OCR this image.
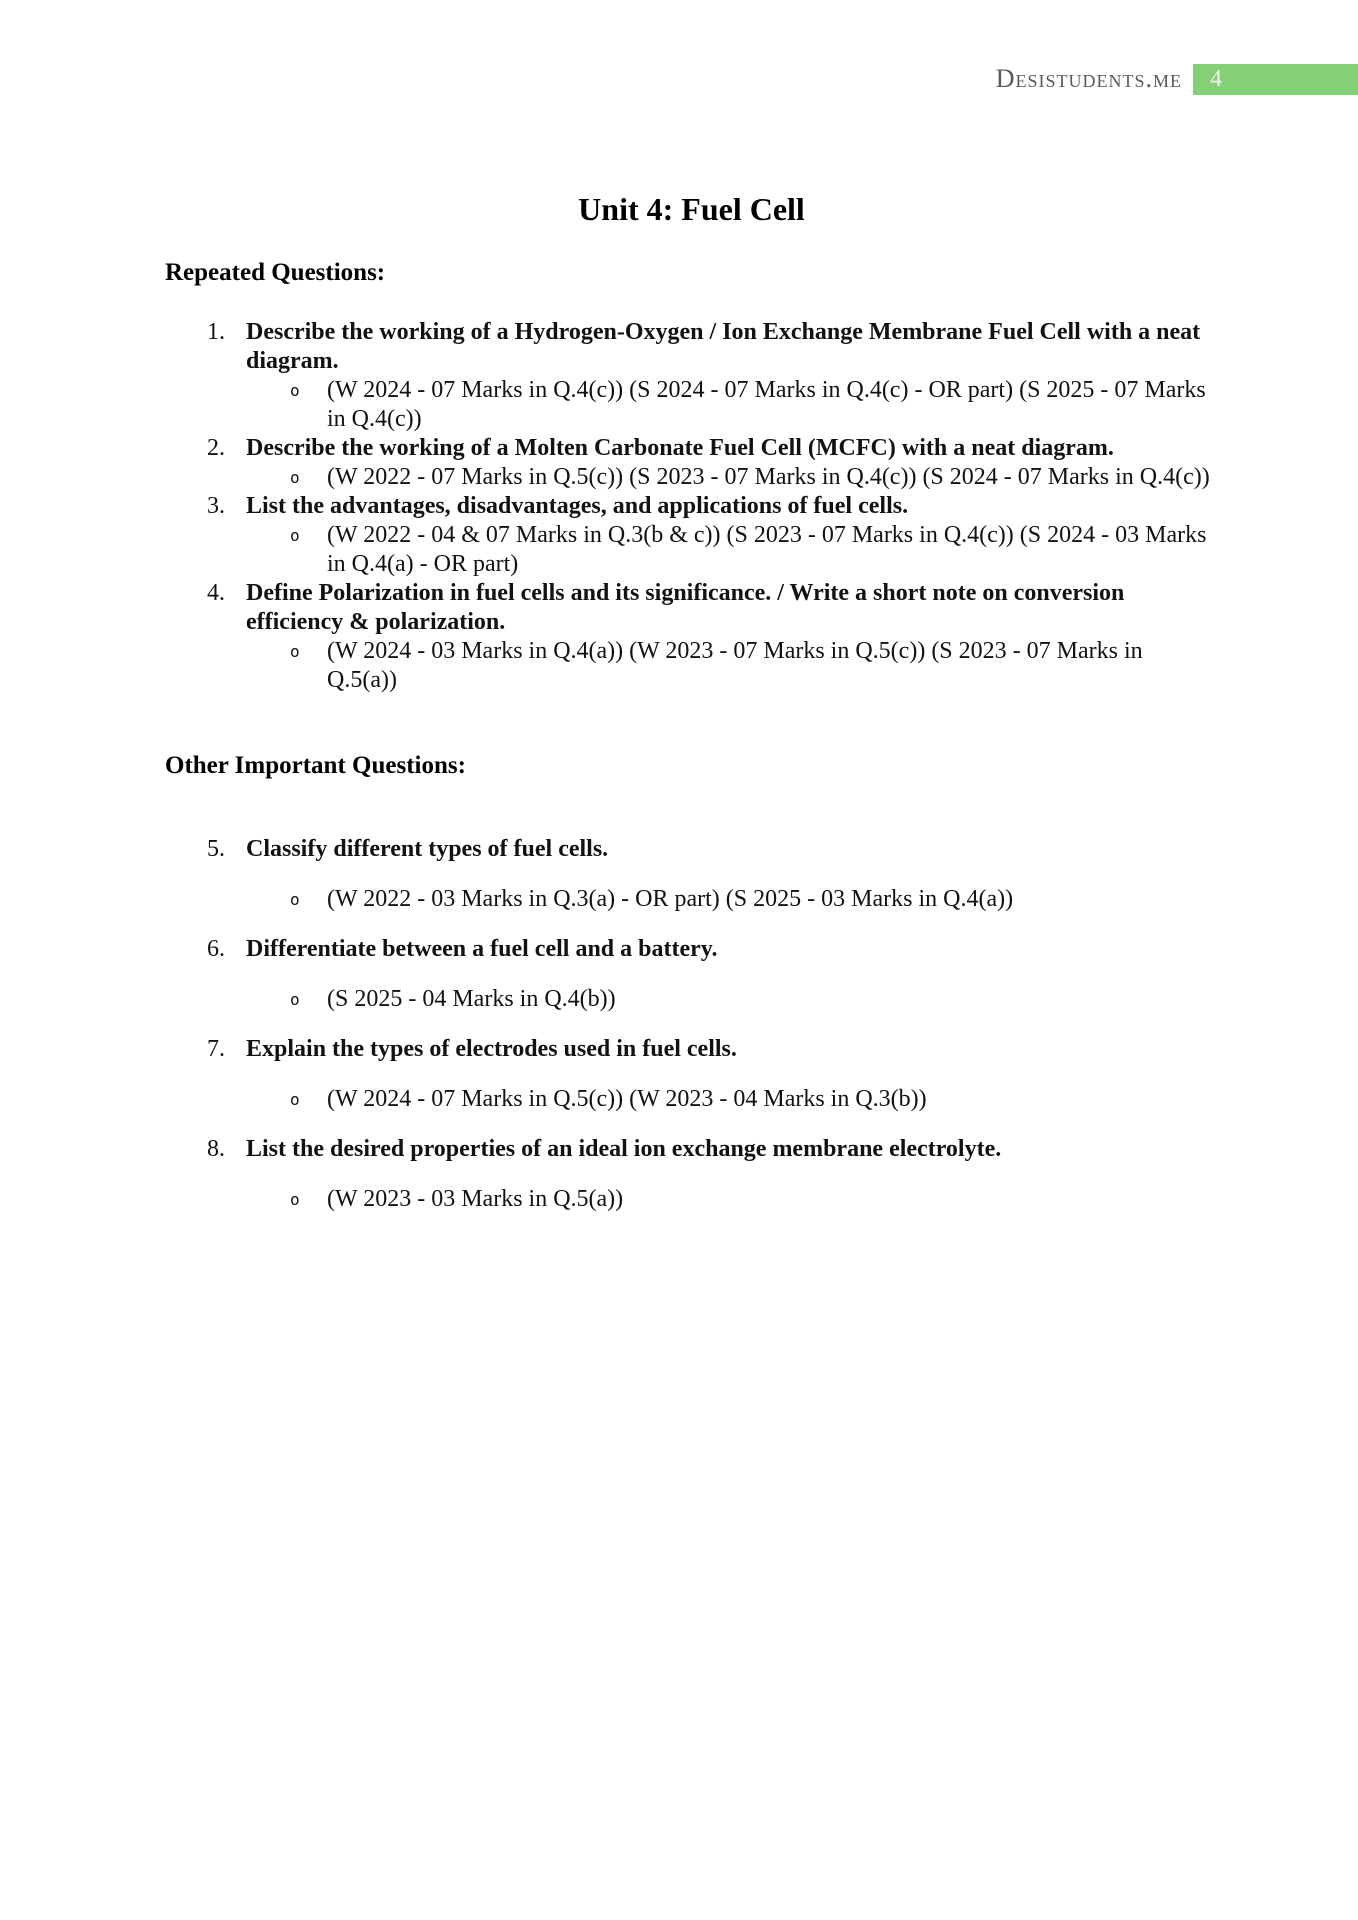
Desistudents.me 4
Unit 4: Fuel Cell
Repeated Questions:
1. Describe the working of a Hydrogen-Oxygen / Ion Exchange Membrane Fuel Cell with a neat diagram.
o	(W 2024 - 07 Marks in Q.4(c)) (S 2024 - 07 Marks in Q.4(c) - OR part) (S 2025 - 07 Marks in Q.4(c))
2. Describe the working of a Molten Carbonate Fuel Cell (MCFC) with a neat diagram.
o	(W 2022 - 07 Marks in Q.5(c)) (S 2023 - 07 Marks in Q.4(c)) (S 2024 - 07 Marks in Q.4(c))
3. List the advantages, disadvantages, and applications of fuel cells.
o	(W 2022 - 04 & 07 Marks in Q.3(b & c)) (S 2023 - 07 Marks in Q.4(c)) (S 2024 - 03 Marks in Q.4(a) - OR part)
4. Define Polarization in fuel cells and its significance. / Write a short note on conversion efficiency & polarization.
o	(W 2024 - 03 Marks in Q.4(a)) (W 2023 - 07 Marks in Q.5(c)) (S 2023 - 07 Marks in Q.5(a))
Other Important Questions:
5. Classify different types of fuel cells.
o	(W 2022 - 03 Marks in Q.3(a) - OR part) (S 2025 - 03 Marks in Q.4(a))
6. Differentiate between a fuel cell and a battery.
o	(S 2025 - 04 Marks in Q.4(b))
7. Explain the types of electrodes used in fuel cells.
o	(W 2024 - 07 Marks in Q.5(c)) (W 2023 - 04 Marks in Q.3(b))
8. List the desired properties of an ideal ion exchange membrane electrolyte.
o	(W 2023 - 03 Marks in Q.5(a))
